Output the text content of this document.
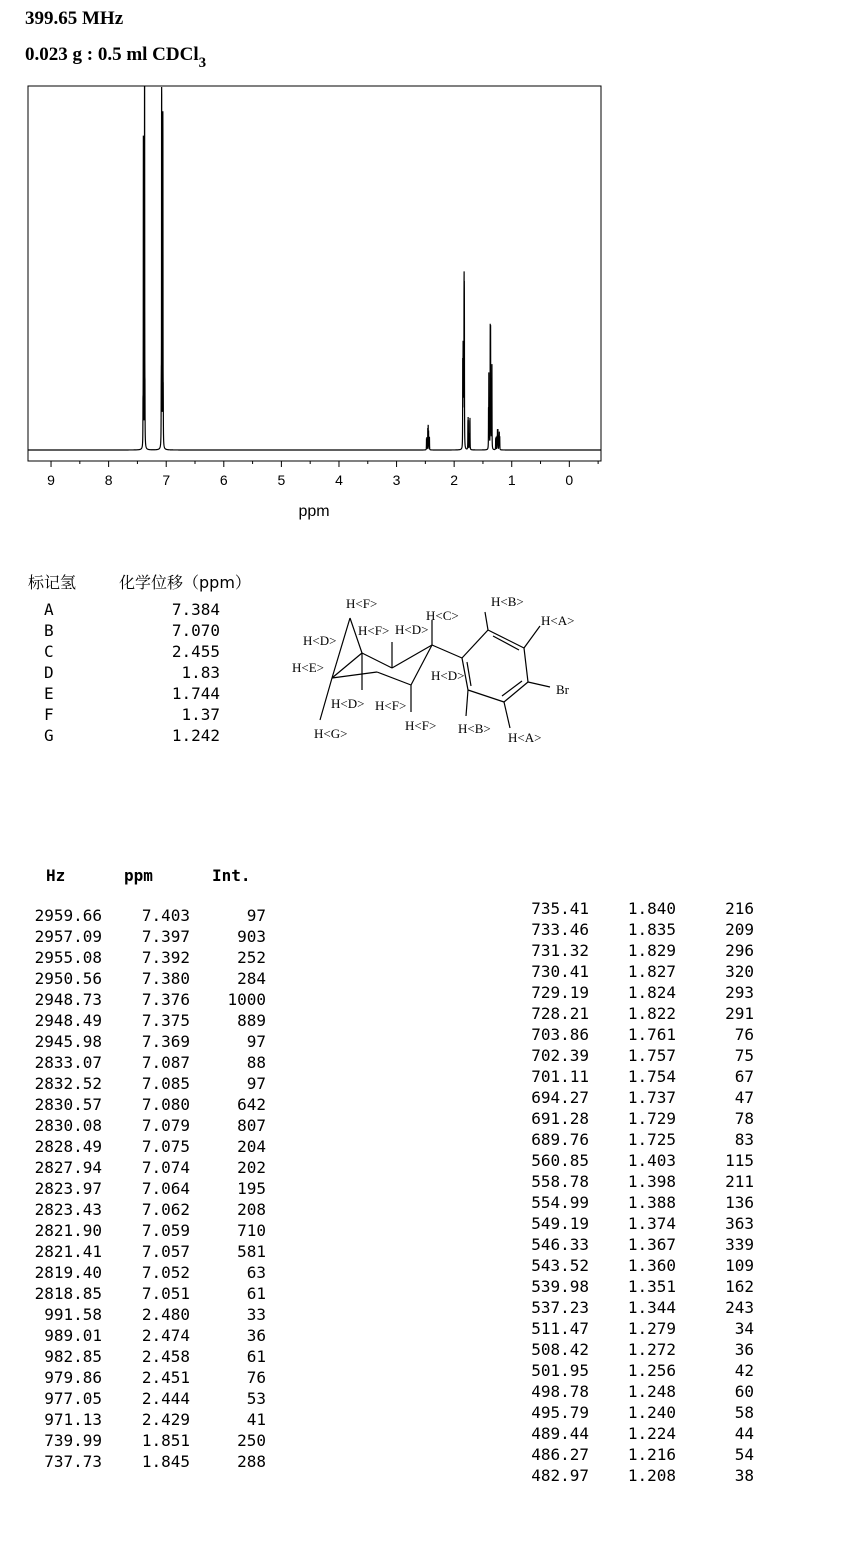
399.65 MHz
0.023 g : 0.5 ml CDCl$_3$
9	8	7	6	5	4	3	2	1	0
ppm
标记氢	化学位移（ppm）
A	7.384
B	7.070
C	2.455
D	1.83
E	1.744
F	1.37
G	1.242
H<F>
H<F>
H<D>
H<C>
H<B>
H<A>
H<D>
H<E>
H<D>
H<D>
H<F>
H<F> H<B>
H<A>
H<G>
Br
Hz	ppm	Int.
2959.66	7.403	97
2957.09	7.397	903
2955.08	7.392	252
2950.56	7.380	284
2948.73	7.376	1000
2948.49	7.375	889
2945.98	7.369	97
2833.07	7.087	88
2832.52	7.085	97
2830.57	7.080	642
2830.08	7.079	807
2828.49	7.075	204
2827.94	7.074	202
2823.97	7.064	195
2823.43	7.062	208
2821.90	7.059	710
2821.41	7.057	581
2819.40	7.052	63
2818.85	7.051	61
991.58	2.480	33
989.01	2.474	36
982.85	2.458	61
979.86	2.451	76
977.05	2.444	53
971.13	2.429	41
739.99	1.851	250
737.73	1.845	288
735.41	1.840	216
733.46	1.835	209
731.32	1.829	296
730.41	1.827	320
729.19	1.824	293
728.21	1.822	291
703.86	1.761	76
702.39	1.757	75
701.11	1.754	67
694.27	1.737	47
691.28	1.729	78
689.76	1.725	83
560.85	1.403	115
558.78	1.398	211
554.99	1.388	136
549.19	1.374	363
546.33	1.367	339
543.52	1.360	109
539.98	1.351	162
537.23	1.344	243
511.47	1.279	34
508.42	1.272	36
501.95	1.256	42
498.78	1.248	60
495.79	1.240	58
489.44	1.224	44
486.27	1.216	54
482.97	1.208	38
